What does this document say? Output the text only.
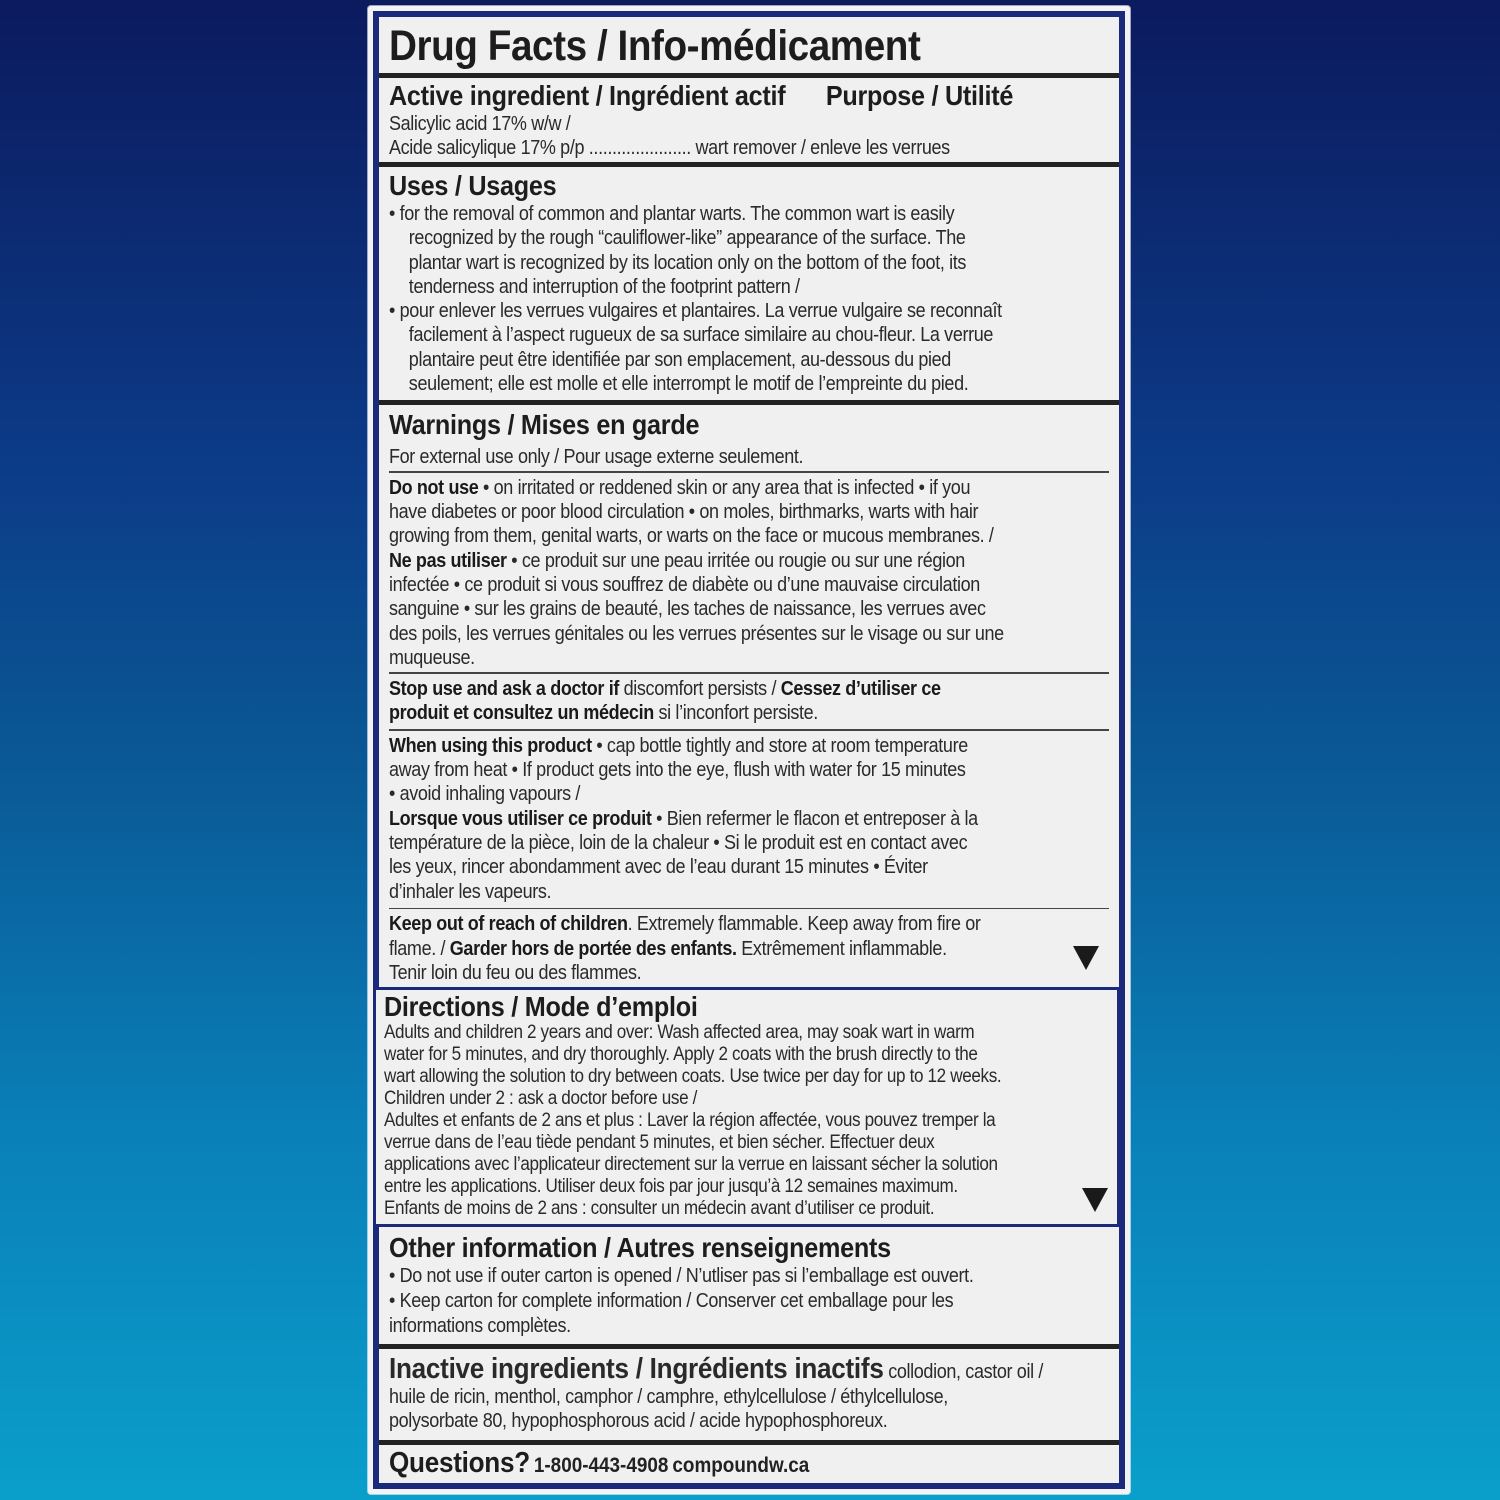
Drug Facts / Info-médicament
Active ingredient / Ingrédient actif Purpose / Utilité
Salicylic acid 17% w/w /
Acide salicylique 17% p/p ...................... wart remover / enleve les verrues
Uses / Usages
• for the removal of common and plantar warts. The common wart is easily
recognized by the rough “cauliflower-like” appearance of the surface. The
plantar wart is recognized by its location only on the bottom of the foot, its
tenderness and interruption of the footprint pattern /
• pour enlever les verrues vulgaires et plantaires. La verrue vulgaire se reconnaît
facilement à l’aspect rugueux de sa surface similaire au chou-fleur. La verrue
plantaire peut être identifiée par son emplacement, au-dessous du pied
seulement; elle est molle et elle interrompt le motif de l’empreinte du pied.
Warnings / Mises en garde
For external use only / Pour usage externe seulement.
Do not use • on irritated or reddened skin or any area that is infected • if you
have diabetes or poor blood circulation • on moles, birthmarks, warts with hair
growing from them, genital warts, or warts on the face or mucous membranes. /
Ne pas utiliser • ce produit sur une peau irritée ou rougie ou sur une région
infectée • ce produit si vous souffrez de diabète ou d’une mauvaise circulation
sanguine • sur les grains de beauté, les taches de naissance, les verrues avec
des poils, les verrues génitales ou les verrues présentes sur le visage ou sur une
muqueuse.
Stop use and ask a doctor if discomfort persists / Cessez d’utiliser ce
produit et consultez un médecin si l’inconfort persiste.
When using this product • cap bottle tightly and store at room temperature
away from heat • If product gets into the eye, flush with water for 15 minutes
• avoid inhaling vapours /
Lorsque vous utiliser ce produit • Bien refermer le flacon et entreposer à la
température de la pièce, loin de la chaleur • Si le produit est en contact avec
les yeux, rincer abondamment avec de l’eau durant 15 minutes • Éviter
d’inhaler les vapeurs.
Keep out of reach of children. Extremely flammable. Keep away from fire or
flame. / Garder hors de portée des enfants. Extrêmement inflammable.
Tenir loin du feu ou des flammes.
Directions / Mode d’emploi
Adults and children 2 years and over: Wash affected area, may soak wart in warm
water for 5 minutes, and dry thoroughly. Apply 2 coats with the brush directly to the
wart allowing the solution to dry between coats. Use twice per day for up to 12 weeks.
Children under 2 : ask a doctor before use /
Adultes et enfants de 2 ans et plus : Laver la région affectée, vous pouvez tremper la
verrue dans de l’eau tiède pendant 5 minutes, et bien sécher. Effectuer deux
applications avec l’applicateur directement sur la verrue en laissant sécher la solution
entre les applications. Utiliser deux fois par jour jusqu’à 12 semaines maximum.
Enfants de moins de 2 ans : consulter un médecin avant d’utiliser ce produit.
Other information / Autres renseignements
• Do not use if outer carton is opened / N’utliser pas si l’emballage est ouvert.
• Keep carton for complete information / Conserver cet emballage pour les
informations complètes.
Inactive ingredients / Ingrédients inactifs collodion, castor oil /
huile de ricin, menthol, camphor / camphre, ethylcellulose / éthylcellulose,
polysorbate 80, hypophosphorous acid / acide hypophosphoreux.
Questions? 1-800-443-4908 compoundw.ca
